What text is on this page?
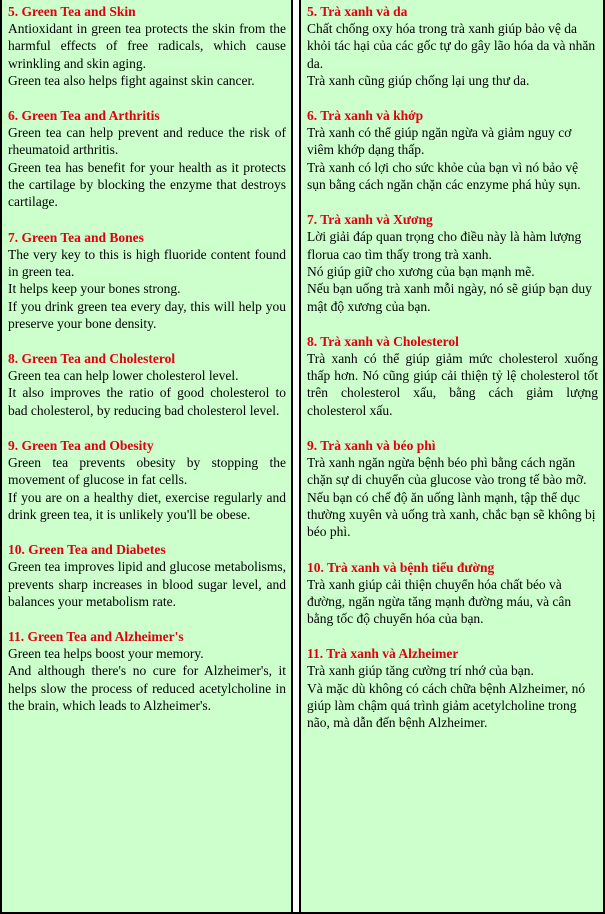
5. Green Tea and Skin

Antioxidant in green tea protects the skin from the harmful effects of free radicals, which cause wrinkling and skin aging.

Green tea also helps fight against skin cancer.

6. Green Tea and Arthritis

Green tea can help prevent and reduce the risk of rheumatoid arthritis.

Green tea has benefit for your health as it protects the cartilage by blocking the enzyme that destroys cartilage.

7. Green Tea and Bones

The very key to this is high fluoride content found in green tea.

It helps keep your bones strong.

If you drink green tea every day, this will help you preserve your bone density.

8. Green Tea and Cholesterol

Green tea can help lower cholesterol level.

It also improves the ratio of good cholesterol to bad cholesterol, by reducing bad cholesterol level.

9. Green Tea and Obesity

Green tea prevents obesity by stopping the movement of glucose in fat cells.

If you are on a healthy diet, exercise regularly and drink green tea, it is unlikely you'll be obese.

10. Green Tea and Diabetes

Green tea improves lipid and glucose metabolisms, prevents sharp increases in blood sugar level, and balances your metabolism rate.

11. Green Tea and Alzheimer's

Green tea helps boost your memory.

And although there's no cure for Alzheimer's, it helps slow the process of reduced acetylcholine in the brain, which leads to Alzheimer's.

5. Trà xanh và da

Chất chống oxy hóa trong trà xanh giúp bảo vệ da khỏi tác hại của các gốc tự do gây lão hóa da và nhăn da.

Trà xanh cũng giúp chống lại ung thư da.

6. Trà xanh và khớp

Trà xanh có thể giúp ngăn ngừa và giảm nguy cơ viêm khớp dạng thấp.

Trà xanh có lợi cho sức khỏe của bạn vì nó bảo vệ sụn bằng cách ngăn chặn các enzyme phá hủy sụn.

7. Trà xanh và Xương

Lời giải đáp quan trọng cho điều này là hàm lượng florua cao tìm thấy trong trà xanh.

Nó giúp giữ cho xương của bạn mạnh mẽ.

Nếu bạn uống trà xanh mỗi ngày, nó sẽ giúp bạn duy mật độ xương của bạn.

8. Trà xanh và Cholesterol

Trà xanh có thể giúp giảm mức cholesterol xuống thấp hơn. Nó cũng giúp cải thiện tỷ lệ cholesterol tốt trên cholesterol xấu, bằng cách giảm lượng cholesterol xấu.

9. Trà xanh và béo phì

Trà xanh ngăn ngừa bệnh béo phì bằng cách ngăn chặn sự di chuyển của glucose vào trong tế bào mỡ. Nếu bạn có chế độ ăn uống lành mạnh, tập thể dục thường xuyên và uống trà xanh, chắc bạn sẽ không bị béo phì.

10. Trà xanh và bệnh tiểu đường

Trà xanh giúp cải thiện chuyển hóa chất béo và đường, ngăn ngừa tăng mạnh đường máu, và cân bằng tốc độ chuyển hóa của bạn.

11. Trà xanh và Alzheimer

Trà xanh giúp tăng cường trí nhớ của bạn.

Và mặc dù không có cách chữa bệnh Alzheimer, nó giúp làm chậm quá trình giảm acetylcholine trong não, mà dẫn đến bệnh Alzheimer.
